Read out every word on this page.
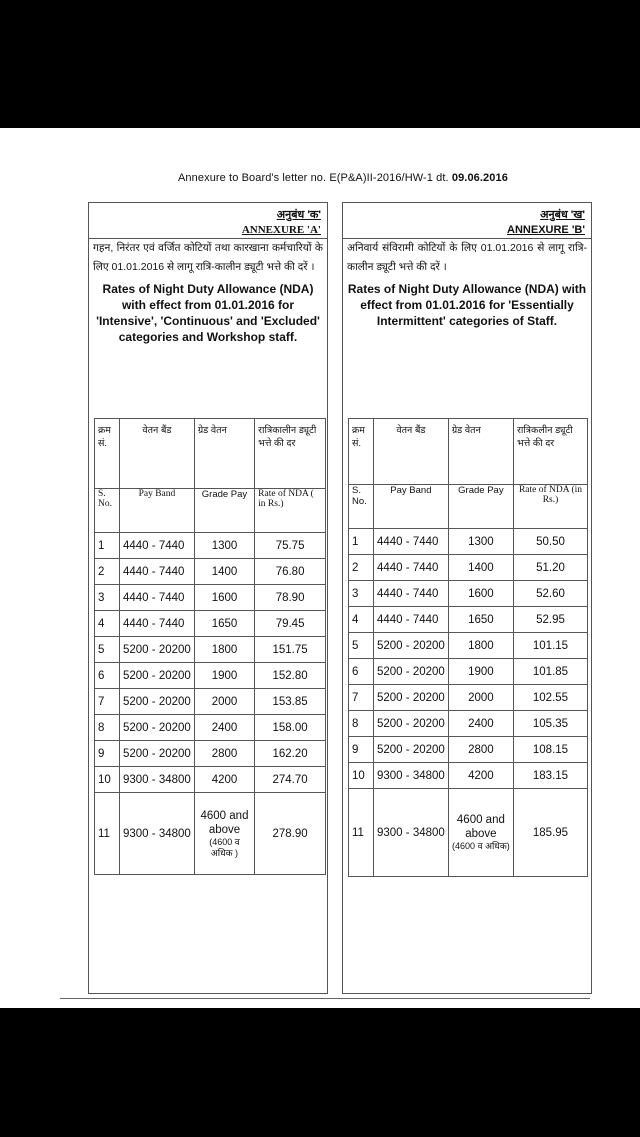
Annexure to Board's letter no. E(P&A)II-2016/HW-1 dt. 09.06.2016
अनुबंध 'क'
ANNEXURE 'A'
गहन, निरंतर एवं वर्जित कोटियों तथा कारखाना कर्मचारियों के लिए 01.01.2016 से लागू रात्रि-कालीन ड्यूटी भत्ते की दरें ।
Rates of Night Duty Allowance (NDA) with effect from 01.01.2016 for 'Intensive', 'Continuous' and 'Excluded' categories and Workshop staff.
क्रम सं.	वेतन बैंड	ग्रेड वेतन	रात्रिकालीन ड्यूटी भत्ते की दर
S. No.	Pay Band	Grade Pay	Rate of NDA ( in Rs.)
1	4440 - 7440	1300	75.75
2	4440 - 7440	1400	76.80
3	4440 - 7440	1600	78.90
4	4440 - 7440	1650	79.45
5	5200 - 20200	1800	151.75
6	5200 - 20200	1900	152.80
7	5200 - 20200	2000	153.85
8	5200 - 20200	2400	158.00
9	5200 - 20200	2800	162.20
10	9300 - 34800	4200	274.70
11	9300 - 34800	4600 and above
(4600 व अधिक )	278.90
अनुबंध 'ख'
ANNEXURE 'B'
अनिवार्य संविरामी कोटियों के लिए 01.01.2016 से लागू रात्रि-कालीन ड्यूटी भत्ते की दरें ।
Rates of Night Duty Allowance (NDA) with effect from 01.01.2016 for 'Essentially Intermittent' categories of Staff.
क्रम सं.	वेतन बैंड	ग्रेड वेतन	रात्रिकलीन ड्यूटी भत्ते की दर
S. No.	Pay Band	Grade Pay	Rate of NDA (in Rs.)
1	4440 - 7440	1300	50.50
2	4440 - 7440	1400	51.20
3	4440 - 7440	1600	52.60
4	4440 - 7440	1650	52.95
5	5200 - 20200	1800	101.15
6	5200 - 20200	1900	101.85
7	5200 - 20200	2000	102.55
8	5200 - 20200	2400	105.35
9	5200 - 20200	2800	108.15
10	9300 - 34800	4200	183.15
11	9300 - 34800	4600 and above
(4600 व अधिक)	185.95
